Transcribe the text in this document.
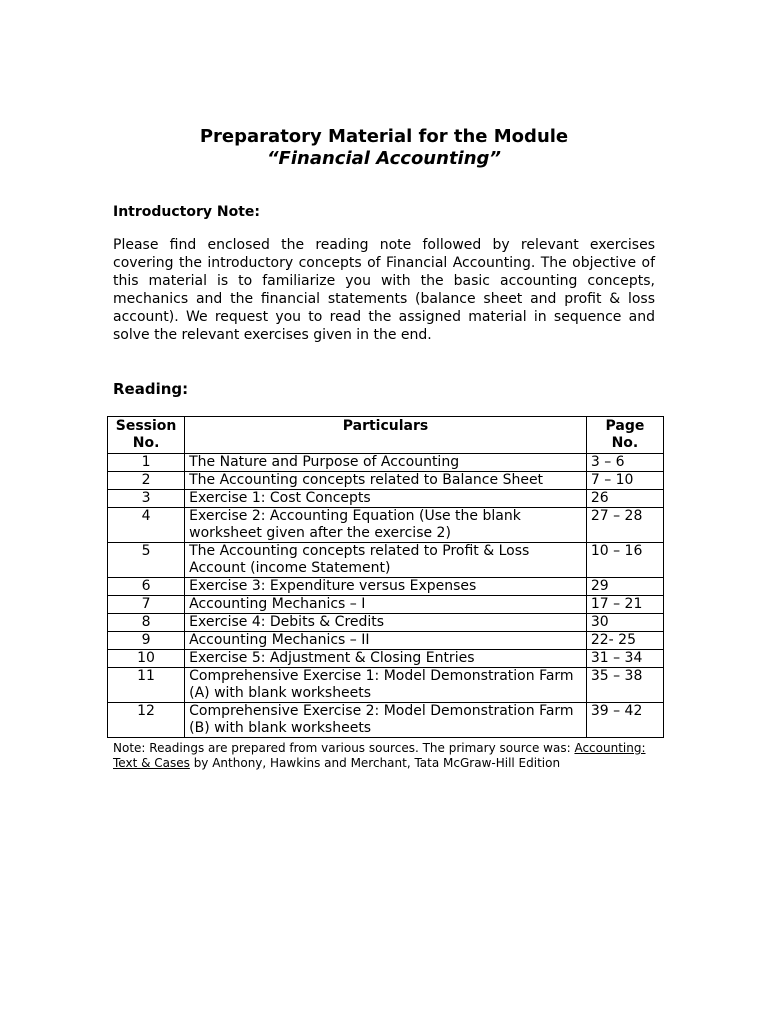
Preparatory Material for the Module
“Financial Accounting”
Introductory Note:

Please find enclosed the reading note followed by relevant exercises covering the introductory concepts of Financial Accounting. The objective of this material is to familiarize you with the basic accounting concepts, mechanics and the financial statements (balance sheet and profit & loss account). We request you to read the assigned material in sequence and solve the relevant exercises given in the end.

Reading:
Session No.	Particulars	Page No.
1	The Nature and Purpose of Accounting	3 – 6
2	The Accounting concepts related to Balance Sheet	7 – 10
3	Exercise 1: Cost Concepts	26
4	Exercise 2: Accounting Equation (Use the blank worksheet given after the exercise 2)	27 – 28
5	The Accounting concepts related to Profit & Loss Account (income Statement)	10 – 16
6	Exercise 3: Expenditure versus Expenses	29
7	Accounting Mechanics – I	17 – 21
8	Exercise 4: Debits & Credits	30
9	Accounting Mechanics – II	22- 25
10	Exercise 5: Adjustment & Closing Entries	31 – 34
11	Comprehensive Exercise 1: Model Demonstration Farm (A) with blank worksheets	35 – 38
12	Comprehensive Exercise 2: Model Demonstration Farm (B) with blank worksheets	39 – 42

Note: Readings are prepared from various sources. The primary source was: Accounting: Text & Cases by Anthony, Hawkins and Merchant, Tata McGraw-Hill Edition
